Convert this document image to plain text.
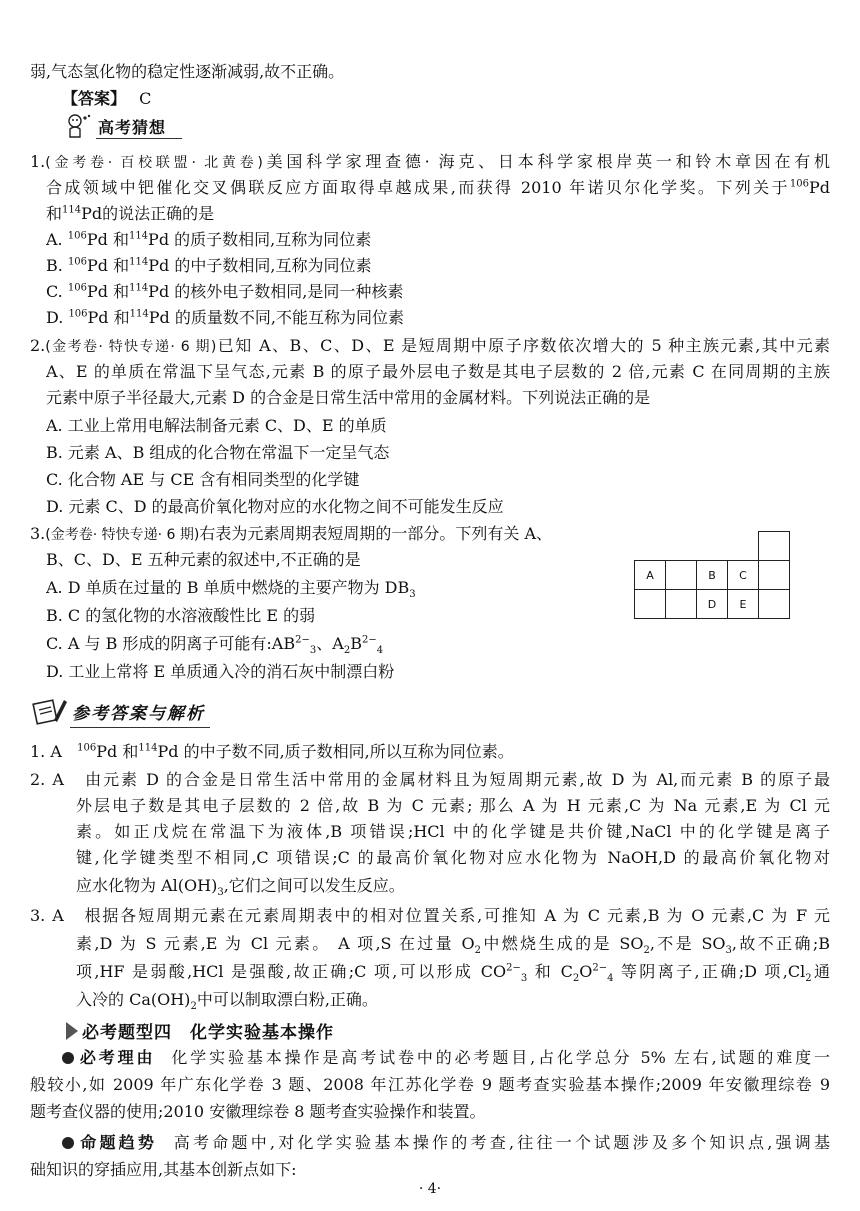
弱,气态氢化物的稳定性逐渐减弱,故不正确。
【答案】 C
高考猜想
1.(金考卷· 百校联盟· 北黄卷)美国科学家理查德· 海克、日本科学家根岸英一和铃木章因在有机
合成领域中钯催化交叉偶联反应方面取得卓越成果,而获得 2010 年诺贝尔化学奖。下列关于$^{106}$Pd
和$^{114}$Pd的说法正确的是
A. $^{106}$Pd 和$^{114}$Pd 的质子数相同,互称为同位素
B. $^{106}$Pd 和$^{114}$Pd 的中子数相同,互称为同位素
C. $^{106}$Pd 和$^{114}$Pd 的核外电子数相同,是同一种核素
D. $^{106}$Pd 和$^{114}$Pd 的质量数不同,不能互称为同位素
2.(金考卷· 特快专递· 6 期)已知 A、B、C、D、E 是短周期中原子序数依次增大的 5 种主族元素,其中元素
A、E 的单质在常温下呈气态,元素 B 的原子最外层电子数是其电子层数的 2 倍,元素 C 在同周期的主族
元素中原子半径最大,元素 D 的合金是日常生活中常用的金属材料。下列说法正确的是
A. 工业上常用电解法制备元素 C、D、E 的单质
B. 元素 A、B 组成的化合物在常温下一定呈气态
C. 化合物 AE 与 CE 含有相同类型的化学键
D. 元素 C、D 的最高价氧化物对应的水化物之间不可能发生反应
3.(金考卷· 特快专递· 6 期)右表为元素周期表短周期的一部分。下列有关 A、
B、C、D、E 五种元素的叙述中,不正确的是
A. D 单质在过量的 B 单质中燃烧的主要产物为 $DB_3$
B. C 的氢化物的水溶液酸性比 E 的弱
C. A 与 B 形成的阴离子可能有$:AB^{2-}_3$、$A_2B^{2-}_4$
D. 工业上常将 E 单质通入冷的消石灰中制漂白粉

A		B	C	
		D	E	
参考答案与解析
1. A $^{106}$Pd 和$^{114}$Pd 的中子数不同,质子数相同,所以互称为同位素。
2. A 由元素 D 的合金是日常生活中常用的金属材料且为短周期元素,故 D 为 Al,而元素 B 的原子最
外层电子数是其电子层数的 2 倍,故 B 为 C 元素; 那么 A 为 H 元素,C 为 Na 元素,E 为 Cl 元
素。如正戊烷在常温下为液体,B 项错误;HCl 中的化学键是共价键,NaCl 中的化学键是离子
键,化学键类型不相同,C 项错误;C 的最高价氧化物对应水化物为 NaOH,D 的最高价氧化物对
应水化物为 $Al(OH)_3$,它们之间可以发生反应。
3. A 根据各短周期元素在元素周期表中的相对位置关系,可推知 A 为 C 元素,B 为 O 元素,C 为 F 元
素,D 为 S 元素,E 为 Cl 元素。 A 项,S 在过量 $O_2$中燃烧生成的是 $SO_2$,不是 $SO_3$,故不正确;B
项,HF 是弱酸,HCl 是强酸,故正确;C 项,可以形成 $CO^{2-}_3$ 和 $C_2O^{2-}_4$ 等阴离子,正确;D 项$,Cl_2$通
入冷的 $Ca(OH)_2$中可以制取漂白粉,正确。
必考题型四　化学实验基本操作
必考理由 化学实验基本操作是高考试卷中的必考题目,占化学总分 5% 左右,试题的难度一
般较小,如 2009 年广东化学卷 3 题、2008 年江苏化学卷 9 题考查实验基本操作;2009 年安徽理综卷 9
题考查仪器的使用;2010 安徽理综卷 8 题考查实验操作和装置。
命题趋势 高考命题中,对化学实验基本操作的考查,往往一个试题涉及多个知识点,强调基
础知识的穿插应用,其基本创新点如下:
· 4·
